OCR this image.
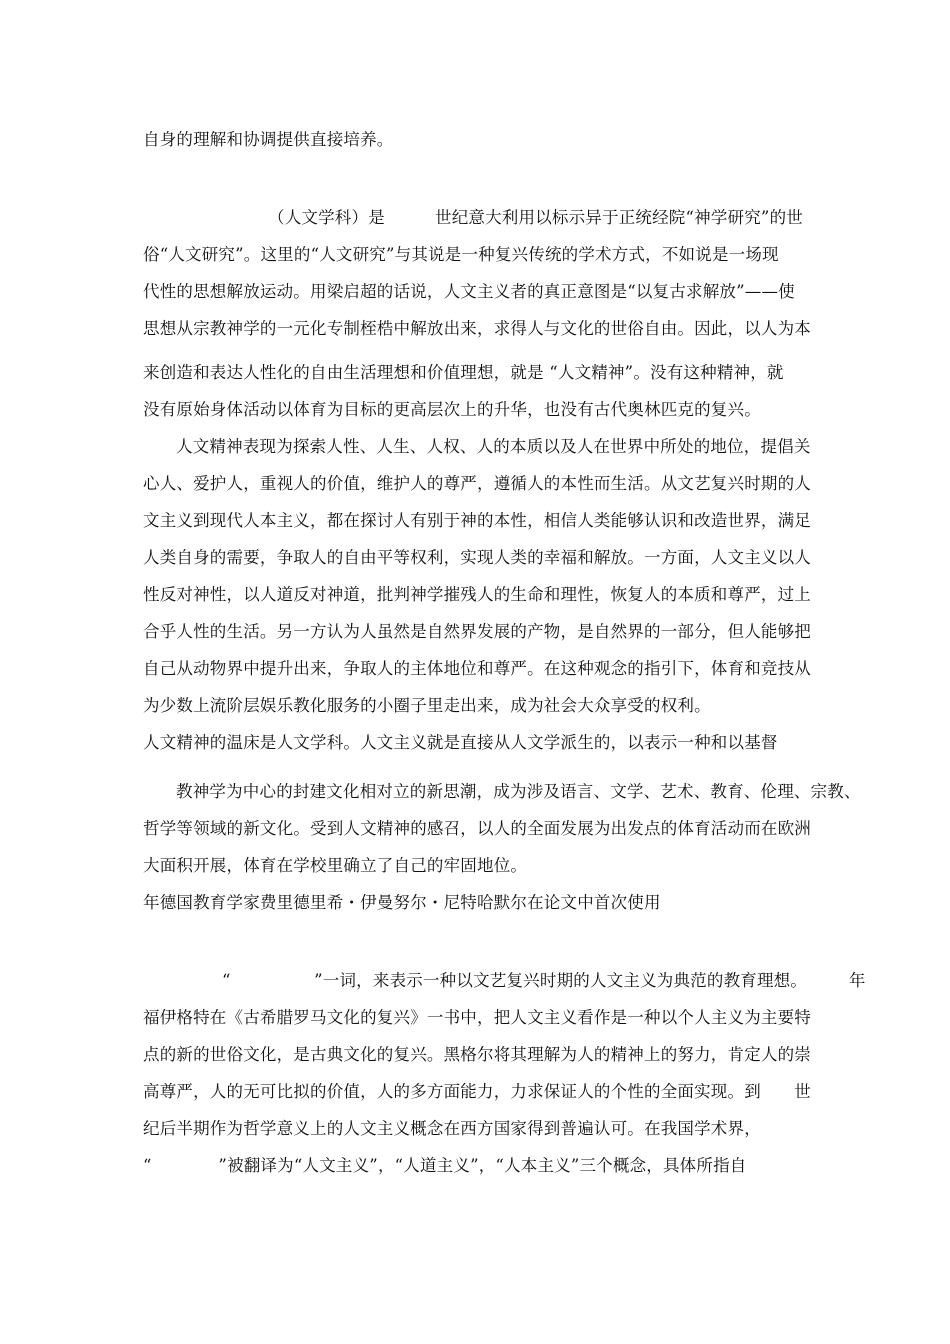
自身的理解和协调提供直接培养。
（人文学科）是　　　世纪意大利用以标示异于正统经院“神学研究”的世
俗“人文研究”。这里的“人文研究”与其说是一种复兴传统的学术方式，不如说是一场现
代性的思想解放运动。用梁启超的话说，人文主义者的真正意图是“以复古求解放”——使
思想从宗教神学的一元化专制桎梏中解放出来，求得人与文化的世俗自由。因此，以人为本
来创造和表达人性化的自由生活理想和价值理想，就是 “人文精神”。没有这种精神，就
没有原始身体活动以体育为目标的更高层次上的升华，也没有古代奥林匹克的复兴。
人文精神表现为探索人性、人生、人权、人的本质以及人在世界中所处的地位，提倡关
心人、爱护人，重视人的价值，维护人的尊严，遵循人的本性而生活。从文艺复兴时期的人
文主义到现代人本主义，都在探讨人有别于神的本性，相信人类能够认识和改造世界，满足
人类自身的需要，争取人的自由平等权利，实现人类的幸福和解放。一方面，人文主义以人
性反对神性，以人道反对神道，批判神学摧残人的生命和理性，恢复人的本质和尊严，过上
合乎人性的生活。另一方认为人虽然是自然界发展的产物，是自然界的一部分，但人能够把
自己从动物界中提升出来，争取人的主体地位和尊严。在这种观念的指引下，体育和竞技从
为少数上流阶层娱乐教化服务的小圈子里走出来，成为社会大众享受的权利。
人文精神的温床是人文学科。人文主义就是直接从人文学派生的，以表示一种和以基督
教神学为中心的封建文化相对立的新思潮，成为涉及语言、文学、艺术、教育、伦理、宗教、
哲学等领域的新文化。受到人文精神的感召，以人的全面发展为出发点的体育活动而在欧洲
大面积开展，体育在学校里确立了自己的牢固地位。
年德国教育学家费里德里希・伊曼努尔・尼特哈默尔在论文中首次使用
“　　　　　”一词，来表示一种以文艺复兴时期的人文主义为典范的教育理想。　　　年
福伊格特在《古希腊罗马文化的复兴》一书中，把人文主义看作是一种以个人主义为主要特
点的新的世俗文化，是古典文化的复兴。黑格尔将其理解为人的精神上的努力，肯定人的崇
高尊严，人的无可比拟的价值，人的多方面能力，力求保证人的个性的全面实现。到　　世
纪后半期作为哲学意义上的人文主义概念在西方国家得到普遍认可。在我国学术界，
“　　　　”被翻译为“人文主义”，“人道主义”，“人本主义”三个概念，具体所指自
